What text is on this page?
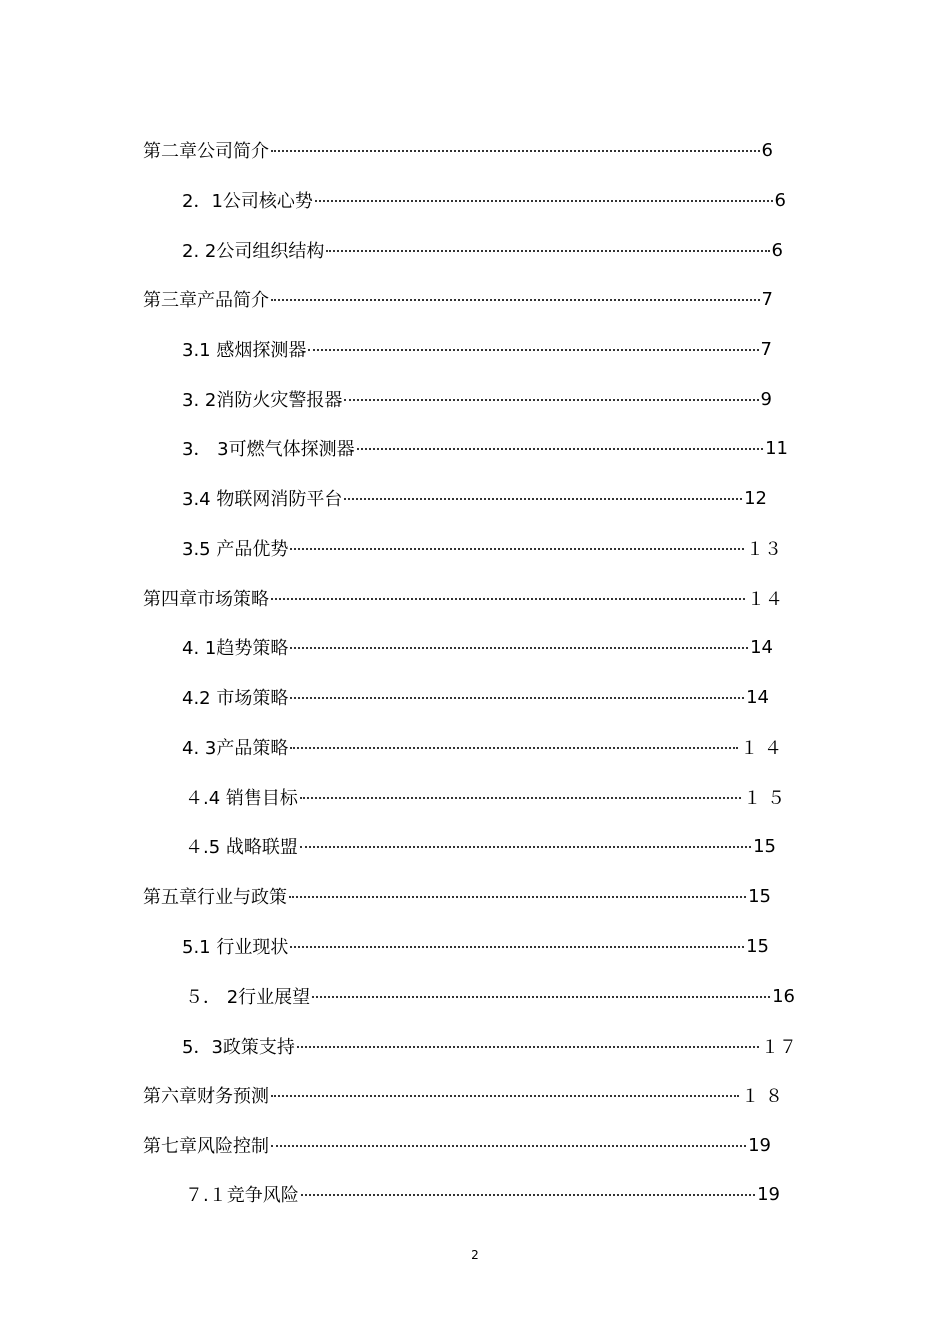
第二章公司简介	6
2．1公司核心势	6
2. 2公司组织结构	6
第三章产品简介	7
3.1 感烟探测器	7
3. 2消防火灾警报器	9
3． 3可燃气体探测器	11
3.4 物联网消防平台	12
3.5 产品优势	１３
第四章市场策略	１４
4. 1趋势策略	14
4.2 市场策略	14
4. 3产品策略	１ ４
４.4 销售目标	１ ５
４.5 战略联盟	15
第五章行业与政策	15
5.1 行业现状	15
５． 2行业展望	16
5．3政策支持	１７
第六章财务预测	１ ８
第七章风险控制	19
７.１竞争风险	19
2
